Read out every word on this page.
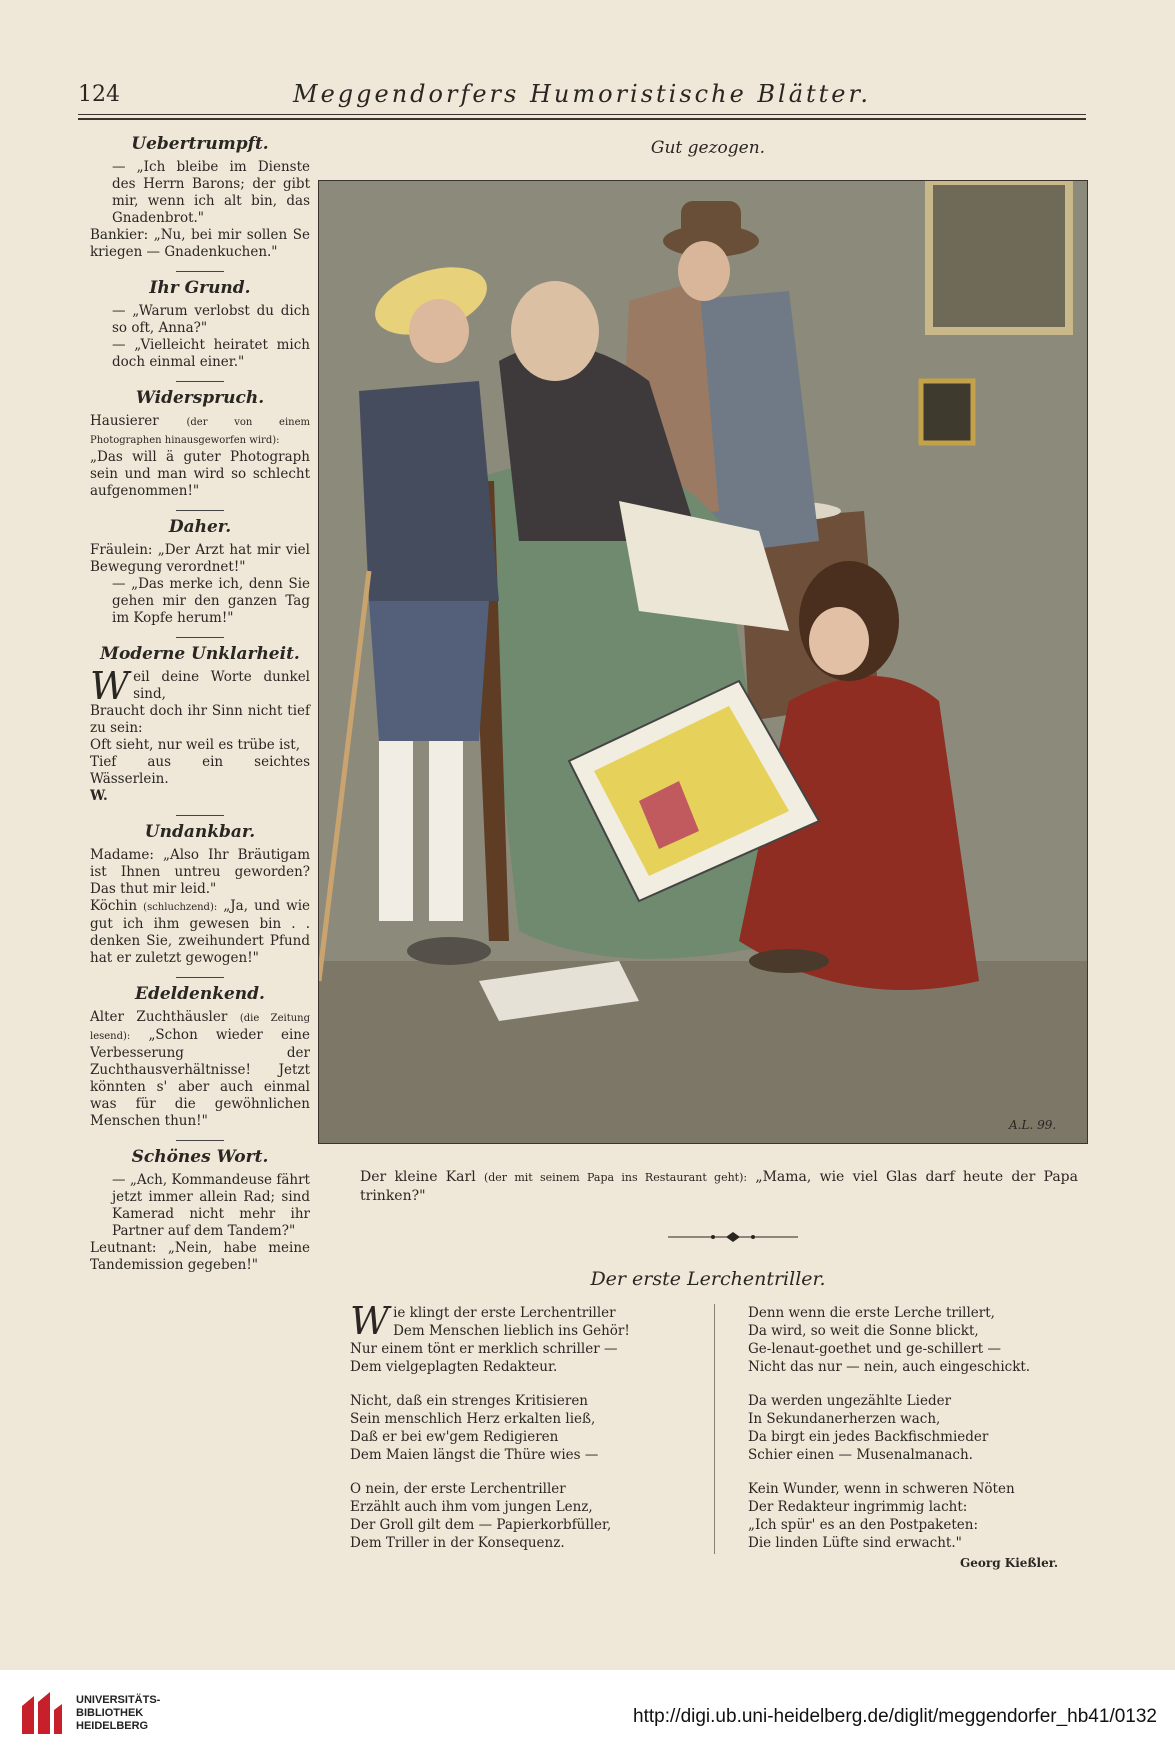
124	Meggendorfers Humoristische Blätter.
Uebertrumpft.

— „Ich bleibe im Dienste des Herrn Barons; der gibt mir, wenn ich alt bin, das Gnadenbrot."

Bankier: „Nu, bei mir sollen Se kriegen — Gnadenkuchen."

Ihr Grund.

— „Warum verlobst du dich so oft, Anna?"

— „Vielleicht heiratet mich doch einmal einer."

Widerspruch.

Hausierer	(der von einem Photographen hinausgeworfen wird):

„Das will ä guter Photograph sein und man wird so schlecht aufgenommen!"

Daher.

Fräulein: „Der Arzt hat mir viel Bewegung verordnet!"

— „Das merke ich, denn Sie gehen mir den ganzen Tag im Kopfe herum!"

Moderne Unklarheit.

Weil deine Worte dunkel sind,

Braucht doch ihr Sinn nicht tief zu sein:

Oft sieht, nur weil es trübe ist,

Tief aus ein seichtes Wässerlein.

W.

Undankbar.

Madame: „Also Ihr Bräutigam ist Ihnen untreu geworden? Das thut mir leid."

Köchin (schluchzend): „Ja, und wie gut ich ihm gewesen bin . . denken Sie, zweihundert Pfund hat er zuletzt gewogen!"

Edeldenkend.

Alter Zuchthäusler (die Zeitung lesend): „Schon wieder eine Verbesserung der Zuchthausverhältnisse! Jetzt könnten s' aber auch einmal was für die gewöhnlichen Menschen thun!"

Schönes Wort.

— „Ach, Kommandeuse fährt jetzt immer allein Rad; sind Kamerad nicht mehr ihr Partner auf dem Tandem?"

Leutnant: „Nein, habe meine Tandemission gegeben!"

Gut gezogen.
A.L. 99.
Der kleine Karl (der mit seinem Papa ins Restaurant geht): „Mama, wie viel Glas darf heute der Papa trinken?"
Der erste Lerchentriller.

Wie klingt der erste Lerchentriller

Dem Menschen lieblich ins Gehör!

Nur einem tönt er merklich schriller —

Dem vielgeplagten Redakteur.

Nicht, daß ein strenges Kritisieren

Sein menschlich Herz erkalten ließ,

Daß er bei ew'gem Redigieren

Dem Maien längst die Thüre wies —

O nein, der erste Lerchentriller

Erzählt auch ihm vom jungen Lenz,

Der Groll gilt dem — Papierkorbfüller,

Dem Triller in der Konsequenz.

Denn wenn die erste Lerche trillert,

Da wird, so weit die Sonne blickt,

Ge-lenaut-goethet und ge-schillert —

Nicht das nur — nein, auch eingeschickt.

Da werden ungezählte Lieder

In Sekundanerherzen wach,

Da birgt ein jedes Backfischmieder

Schier einen — Musenalmanach.

Kein Wunder, wenn in schweren Nöten

Der Redakteur ingrimmig lacht:

„Ich spür' es an den Postpaketen:

Die linden Lüfte sind erwacht."

Georg Kießler.
UNIVERSITÄTS-
BIBLIOTHEK
HEIDELBERG	http://digi.ub.uni-heidelberg.de/diglit/meggendorfer_hb41/0132
